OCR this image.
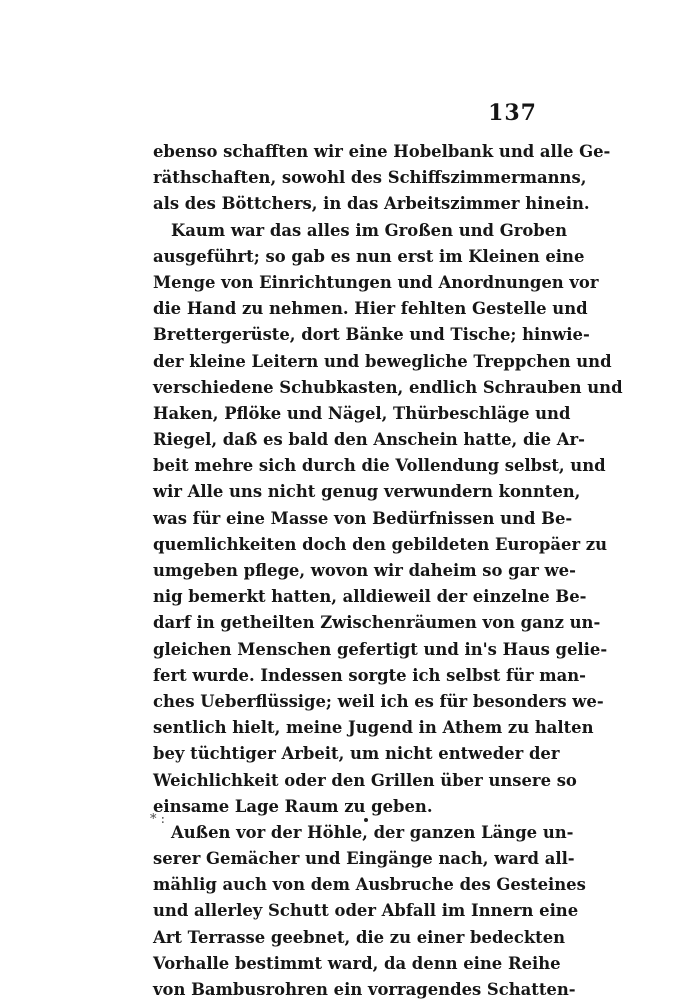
137
ebenso schafften wir eine Hobelbank und alle Ge-
räthschaften, sowohl des Schiffszimmermanns,
als des Böttchers, in das Arbeitszimmer hinein.
Kaum war das alles im Großen und Groben
ausgeführt; so gab es nun erst im Kleinen eine
Menge von Einrichtungen und Anordnungen vor
die Hand zu nehmen. Hier fehlten Gestelle und
Brettergerüste, dort Bänke und Tische; hinwie-
der kleine Leitern und bewegliche Treppchen und
verschiedene Schubkasten, endlich Schrauben und
Haken, Pflöke und Nägel, Thürbeschläge und
Riegel, daß es bald den Anschein hatte, die Ar-
beit mehre sich durch die Vollendung selbst, und
wir Alle uns nicht genug verwundern konnten,
was für eine Masse von Bedürfnissen und Be-
quemlichkeiten doch den gebildeten Europäer zu
umgeben pflege, wovon wir daheim so gar we-
nig bemerkt hatten, alldieweil der einzelne Be-
darf in getheilten Zwischenräumen von ganz un-
gleichen Menschen gefertigt und in's Haus gelie-
fert wurde. Indessen sorgte ich selbst für man-
ches Ueberflüssige; weil ich es für besonders we-
sentlich hielt, meine Jugend in Athem zu halten
bey tüchtiger Arbeit, um nicht entweder der
Weichlichkeit oder den Grillen über unsere so
einsame Lage Raum zu geben.
Außen vor der Höhle, der ganzen Länge un-
serer Gemächer und Eingänge nach, ward all-
mählig auch von dem Ausbruche des Gesteines
und allerley Schutt oder Abfall im Innern eine
Art Terrasse geebnet, die zu einer bedeckten
Vorhalle bestimmt ward, da denn eine Reihe
von Bambusrohren ein vorragendes Schatten-
* :
